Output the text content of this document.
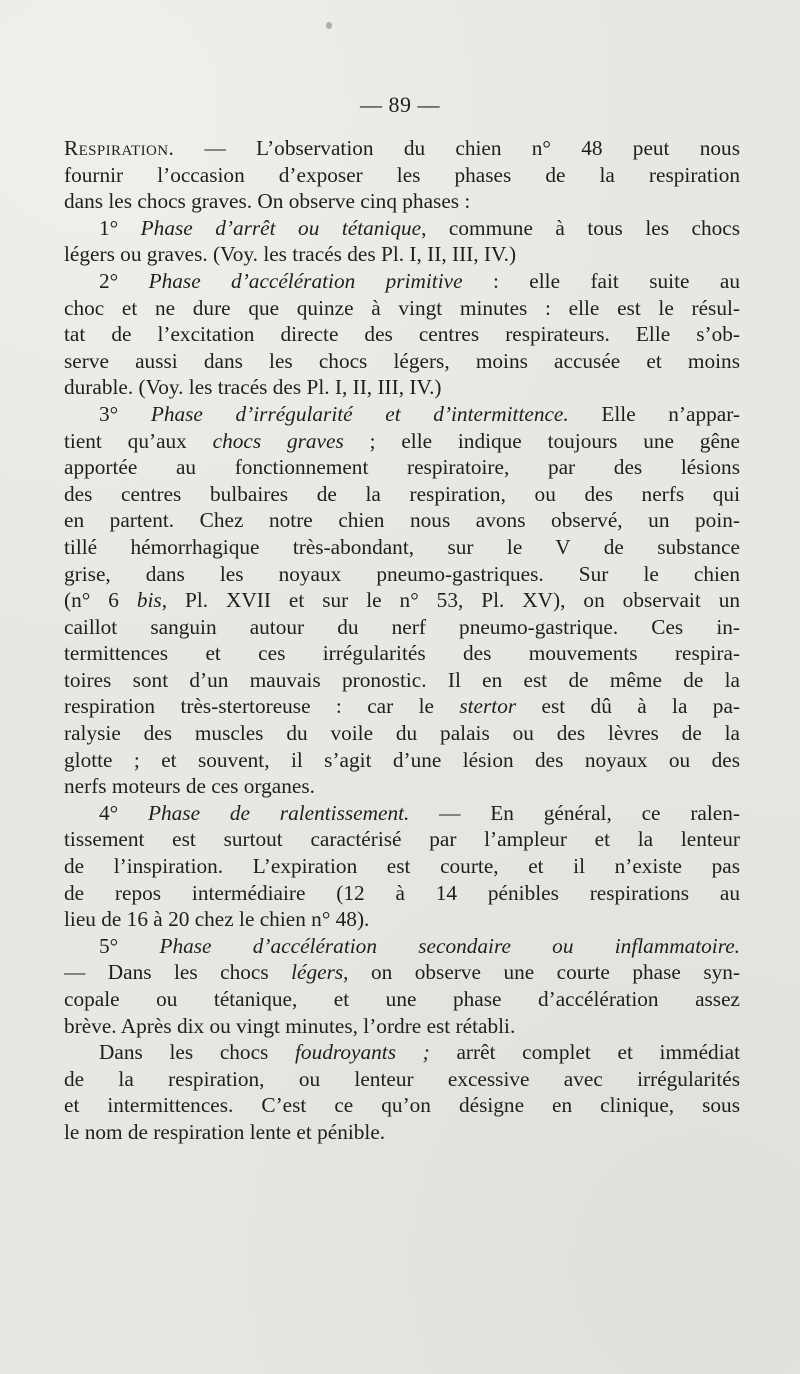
— 89 —
Respiration. — L’observation du chien n° 48 peut nous
fournir l’occasion d’exposer les phases de la respiration
dans les chocs graves. On observe cinq phases :
1° Phase d’arrêt ou tétanique, commune à tous les chocs
légers ou graves. (Voy. les tracés des Pl. I, II, III, IV.)
2° Phase d’accélération primitive : elle fait suite au
choc et ne dure que quinze à vingt minutes : elle est le résul-
tat de l’excitation directe des centres respirateurs. Elle s’ob-
serve aussi dans les chocs légers, moins accusée et moins
durable. (Voy. les tracés des Pl. I, II, III, IV.)
3° Phase d’irrégularité et d’intermittence. Elle n’appar-
tient qu’aux chocs graves ; elle indique toujours une gêne
apportée au fonctionnement respiratoire, par des lésions
des centres bulbaires de la respiration, ou des nerfs qui
en partent. Chez notre chien nous avons observé, un poin-
tillé hémorrhagique très-abondant, sur le V de substance
grise, dans les noyaux pneumo-gastriques. Sur le chien
(n° 6 bis, Pl. XVII et sur le n° 53, Pl. XV), on observait un
caillot sanguin autour du nerf pneumo-gastrique. Ces in-
termittences et ces irrégularités des mouvements respira-
toires sont d’un mauvais pronostic. Il en est de même de la
respiration très-stertoreuse : car le stertor est dû à la pa-
ralysie des muscles du voile du palais ou des lèvres de la
glotte ; et souvent, il s’agit d’une lésion des noyaux ou des
nerfs moteurs de ces organes.
4° Phase de ralentissement. — En général, ce ralen-
tissement est surtout caractérisé par l’ampleur et la lenteur
de l’inspiration. L’expiration est courte, et il n’existe pas
de repos intermédiaire (12 à 14 pénibles respirations au
lieu de 16 à 20 chez le chien n° 48).
5° Phase d’accélération secondaire ou inflammatoire.
— Dans les chocs légers, on observe une courte phase syn-
copale ou tétanique, et une phase d’accélération assez
brève. Après dix ou vingt minutes, l’ordre est rétabli.
Dans les chocs foudroyants ; arrêt complet et immédiat
de la respiration, ou lenteur excessive avec irrégularités
et intermittences. C’est ce qu’on désigne en clinique, sous
le nom de respiration lente et pénible.
